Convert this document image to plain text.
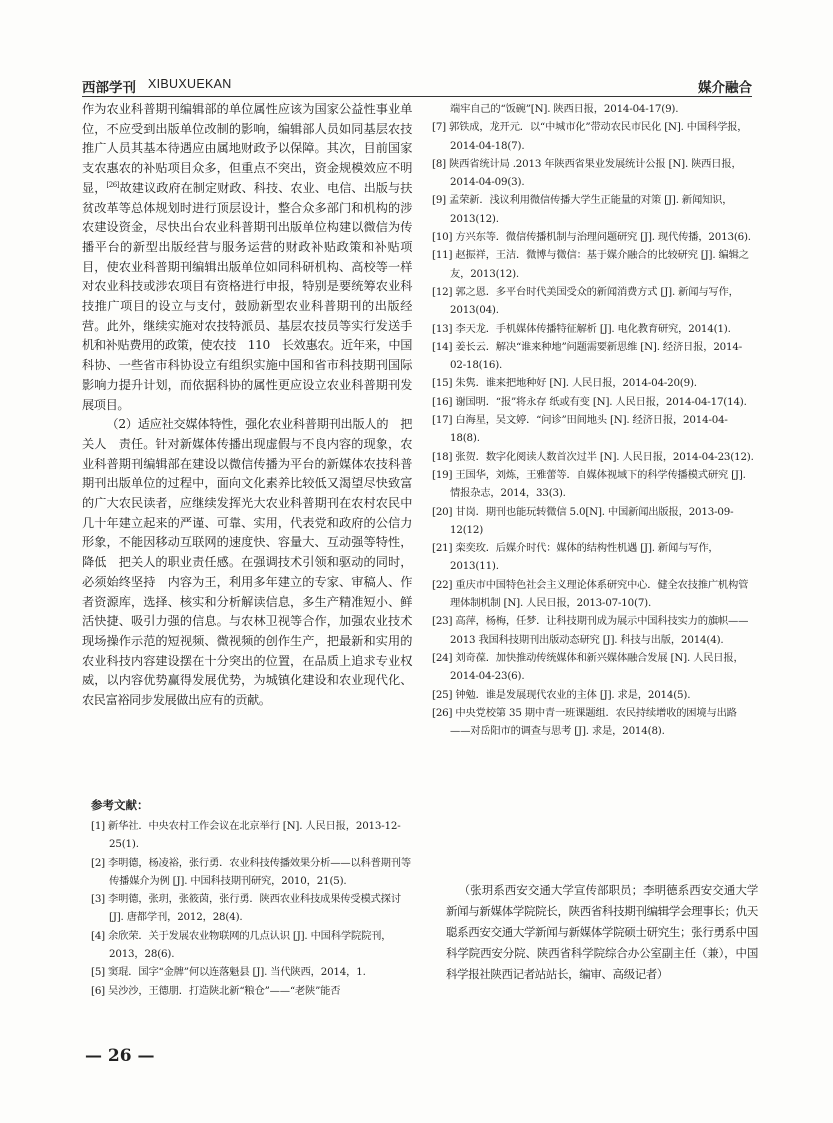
西部学刊 XIBUXUEKAN	媒介融合

作为农业科普期刊编辑部的单位属性应该为国家公益性事业单位，不应受到出版单位改制的影响，编辑部人员如同基层农技推广人员其基本待遇应由属地财政予以保障。其次，目前国家支农惠农的补贴项目众多，但重点不突出，资金规模效应不明显，[26]故建议政府在制定财政、科技、农业、电信、出版与扶贫改革等总体规划时进行顶层设计，整合众多部门和机构的涉农建设资金，尽快出台农业科普期刊出版单位构建以微信为传播平台的新型出版经营与服务运营的财政补贴政策和补贴项目，使农业科普期刊编辑出版单位如同科研机构、高校等一样对农业科技或涉农项目有资格进行申报，特别是要统筹农业科技推广项目的设立与支付，鼓励新型农业科普期刊的出版经营。此外，继续实施对农技特派员、基层农技员等实行发送手机和补贴费用的政策，使农技　110　长效惠农。近年来，中国科协、一些省市科协设立有组织实施中国和省市科技期刊国际影响力提升计划，而依据科协的属性更应设立农业科普期刊发展项目。

（2）适应社交媒体特性，强化农业科普期刊出版人的　把关人　责任。针对新媒体传播出现虚假与不良内容的现象，农业科普期刊编辑部在建设以微信传播为平台的新媒体农技科普期刊出版单位的过程中，面向文化素养比较低又渴望尽快致富的广大农民读者，应继续发挥光大农业科普期刊在农村农民中几十年建立起来的严谨、可靠、实用，代表党和政府的公信力形象，不能因移动互联网的速度快、容量大、互动强等特性，降低　把关人的职业责任感。在强调技术引领和驱动的同时，必须始终坚持　内容为王，利用多年建立的专家、审稿人、作者资源库，选择、核实和分析解读信息，多生产精准短小、鲜活快捷、吸引力强的信息。与农林卫视等合作，加强农业技术现场操作示范的短视频、微视频的创作生产，把最新和实用的农业科技内容建设摆在十分突出的位置，在品质上追求专业权威，以内容优势赢得发展优势，为城镇化建设和农业现代化、农民富裕同步发展做出应有的贡献。

参考文献：

[1] 新华社．中央农村工作会议在北京举行 [N]. 人民日报，2013-12-25(1).

[2] 李明德，杨凌裕，张行勇．农业科技传播效果分析——以科普期刊等传播媒介为例 [J]. 中国科技期刊研究，2010，21(5).

[3] 李明德，张玥，张筱茵，张行勇．陕西农业科技成果传受模式探讨 [J]. 唐都学刊，2012，28(4).

[4] 余欣荣．关于发展农业物联网的几点认识 [J]. 中国科学院院刊，2013，28(6).

[5] 窦琨．国字“金牌”何以连落魁县 [J]. 当代陕西，2014，1.

[6] 吴沙沙，王德朋．打造陕北新“粮仓”——“老陕”能否

端牢自己的“饭碗”[N]. 陕西日报，2014-04-17(9).

[7] 郭铁成，龙开元．以“中城市化”带动农民市民化 [N]. 中国科学报，2014-04-18(7).

[8] 陕西省统计局 .2013 年陕西省果业发展统计公报 [N]. 陕西日报，2014-04-09(3).

[9] 孟荣新．浅议利用微信传播大学生正能量的对策 [J]. 新闻知识，2013(12).

[10] 方兴东等．微信传播机制与治理问题研究 [J]. 现代传播，2013(6).

[11] 赵振祥，王洁．微博与微信：基于媒介融合的比较研究 [J]. 编辑之友，2013(12).

[12] 郭之恩．多平台时代美国受众的新闻消费方式 [J]. 新闻与写作，2013(04).

[13] 李天龙．手机媒体传播特征解析 [J]. 电化教育研究，2014(1).

[14] 姜长云．解决“谁来种地”问题需要新思维 [N]. 经济日报，2014-02-18(16).

[15] 朱隽．谁来把地种好 [N]. 人民日报，2014-04-20(9).

[16] 谢国明．“报”将永存 纸或有变 [N]. 人民日报，2014-04-17(14).

[17] 白海星，吴文婷．“问诊”田间地头 [N]. 经济日报，2014-04-18(8).

[18] 张贺．数字化阅读人数首次过半 [N]. 人民日报，2014-04-23(12).

[19] 王国华，刘炼，王雅蕾等．自媒体视域下的科学传播模式研究 [J]. 情报杂志，2014，33(3).

[20] 甘岗．期刊也能玩转微信 5.0[N]. 中国新闻出版报，2013-09-12(12)

[21] 栾奕玫．后媒介时代：媒体的结构性机遇 [J]. 新闻与写作，2013(11).

[22] 重庆市中国特色社会主义理论体系研究中心．健全农技推广机构管理体制机制 [N]. 人民日报，2013-07-10(7).

[23] 高萍，杨梅，任梦．让科技期刊成为展示中国科技实力的旗帜——2013 我国科技期刊出版动态研究 [J]. 科技与出版，2014(4).

[24] 刘奇葆．加快推动传统媒体和新兴媒体融合发展 [N]. 人民日报，2014-04-23(6).

[25] 钟勉．谁是发展现代农业的主体 [J]. 求是，2014(5).

[26] 中央党校第 35 期中青一班课题组．农民持续增收的困境与出路——对岳阳市的调查与思考 [J]. 求是，2014(8).

（张玥系西安交通大学宣传部职员；李明德系西安交通大学新闻与新媒体学院院长，陕西省科技期刊编辑学会理事长；仇天聪系西安交通大学新闻与新媒体学院硕士研究生；张行勇系中国科学院西安分院、陕西省科学院综合办公室副主任（兼），中国科学报社陕西记者站站长，编审、高级记者）

— 26 —
